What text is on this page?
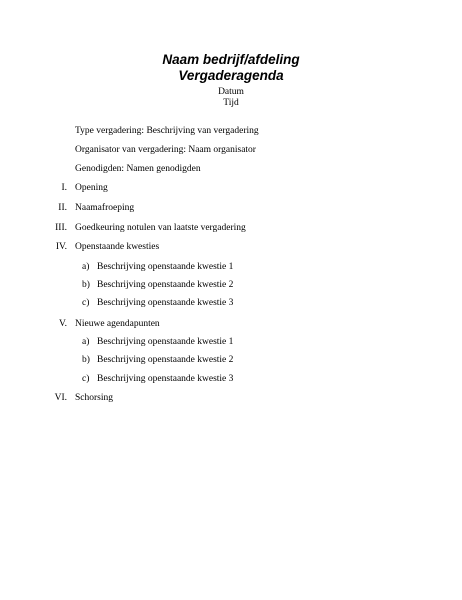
Naam bedrijf/afdeling
Vergaderagenda
Datum
Tijd
Type vergadering: Beschrijving van vergadering
Organisator van vergadering: Naam organisator
Genodigden: Namen genodigden
I. Opening
II. Naamafroeping
III. Goedkeuring notulen van laatste vergadering
IV. Openstaande kwesties
a) Beschrijving openstaande kwestie 1
b) Beschrijving openstaande kwestie 2
c) Beschrijving openstaande kwestie 3
V. Nieuwe agendapunten
a) Beschrijving openstaande kwestie 1
b) Beschrijving openstaande kwestie 2
c) Beschrijving openstaande kwestie 3
VI. Schorsing
